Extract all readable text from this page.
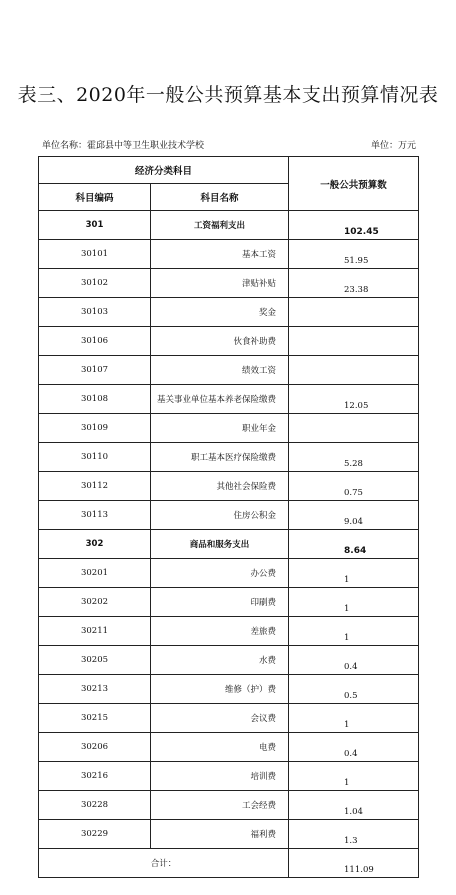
表三、2020年一般公共预算基本支出预算情况表
单位名称：霍邱县中等卫生职业技术学校	单位：万元
经济分类科目		一般公共预算数
科目编码	科目名称	
301	工资福利支出	102.45
30101	基本工资	51.95
30102	津贴补贴	23.38
30103	奖金	
30106	伙食补助费	
30107	绩效工资	
30108	基关事业单位基本养老保险缴费	12.05
30109	职业年金	
30110	职工基本医疗保险缴费	5.28
30112	其他社会保险费	0.75
30113	住房公积金	9.04
302	商品和服务支出	8.64
30201	办公费	1
30202	印刷费	1
30211	差旅费	1
30205	水费	0.4
30213	维修（护）费	0.5
30215	会议费	1
30206	电费	0.4
30216	培训费	1
30228	工会经费	1.04
30229	福利费	1.3
合计：		111.09
